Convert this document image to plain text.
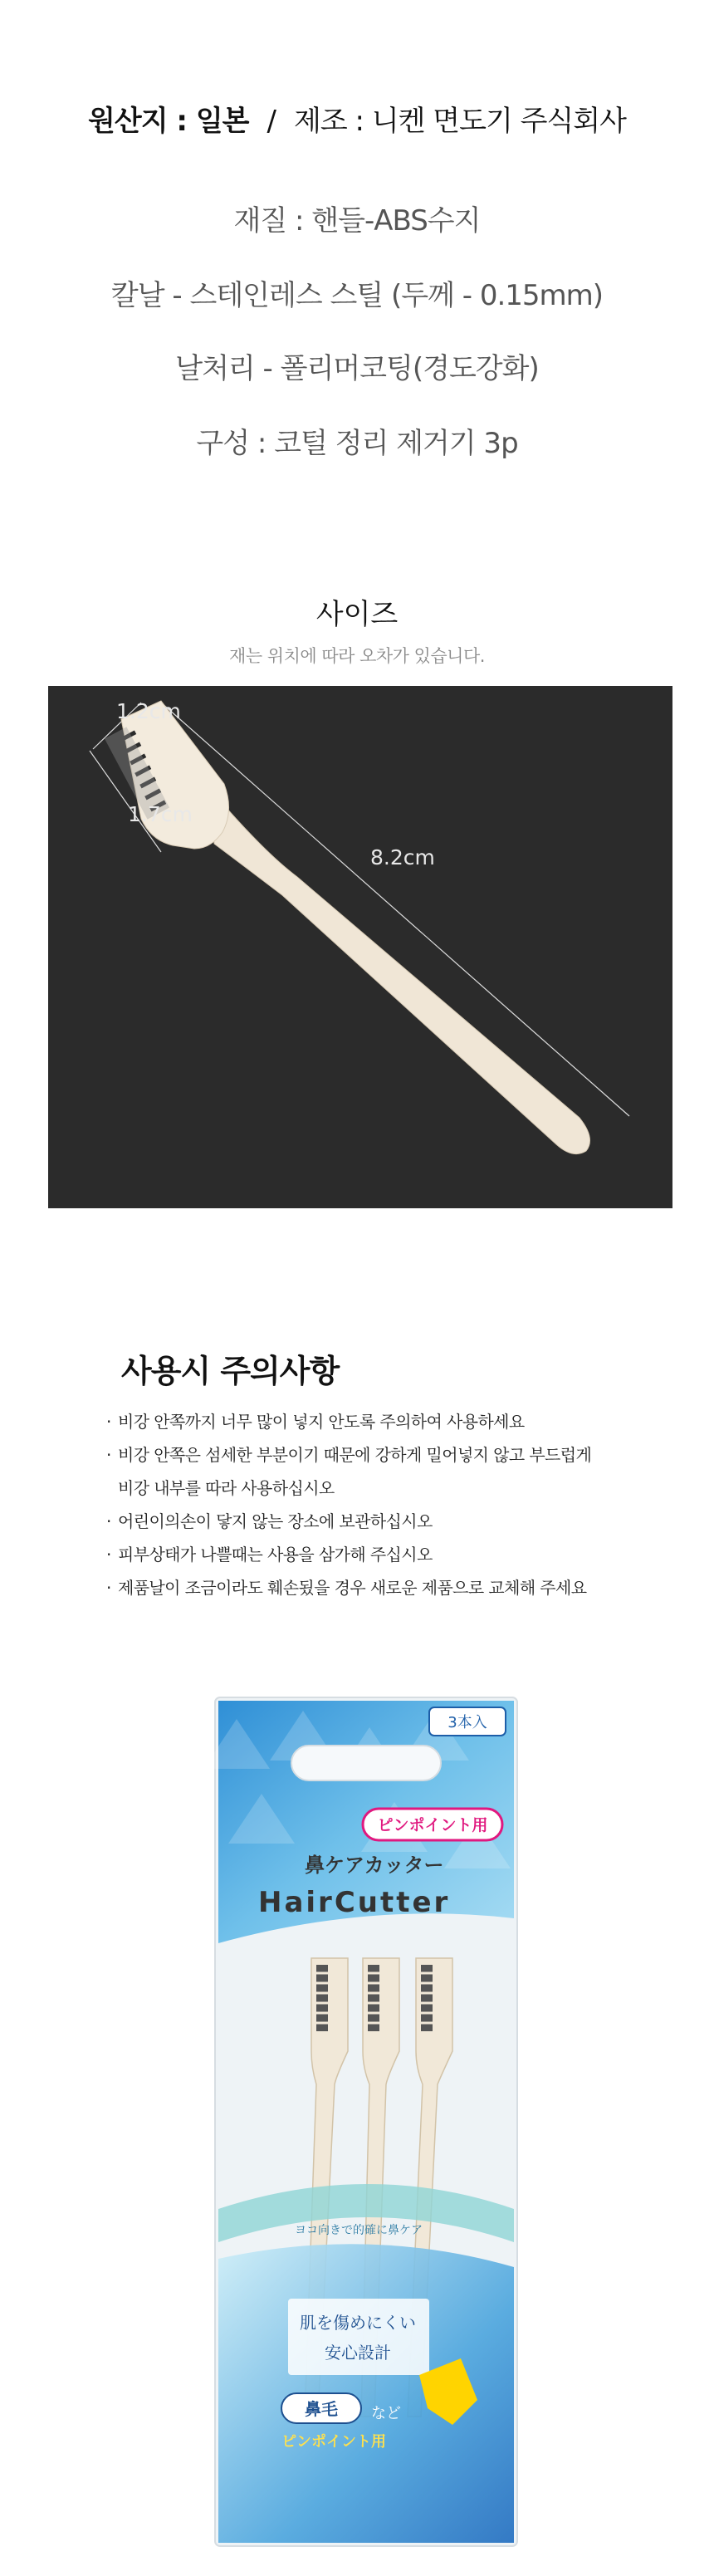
원산지 : 일본 / 제조 : 니켄 면도기 주식회사
재질 : 핸들-ABS수지
칼날 - 스테인레스 스틸 (두께 - 0.15mm)
날처리 - 폴리머코팅(경도강화)
구성 : 코털 정리 제거기 3p
사이즈
재는 위치에 따라 오차가 있습니다.
1.2cm
1.7cm
8.2cm
사용시 주의사항
· 비강 안쪽까지 너무 많이 넣지 안도록 주의하여 사용하세요
· 비강 안쪽은 섬세한 부분이기 때문에 강하게 밀어넣지 않고 부드럽게
비강 내부를 따라 사용하십시오
· 어린이의손이 닿지 않는 장소에 보관하십시오
· 피부상태가 나쁠때는 사용을 삼가해 주십시오
· 제품날이 조금이라도 훼손됬을 경우 새로운 제품으로 교체해 주세요
3本入
ピンポイント用
鼻ケアカッター
HairCutter
ヨコ向きで的確に鼻ケア
肌を傷めにくい
安心設計
鼻毛 など
ピンポイント用
